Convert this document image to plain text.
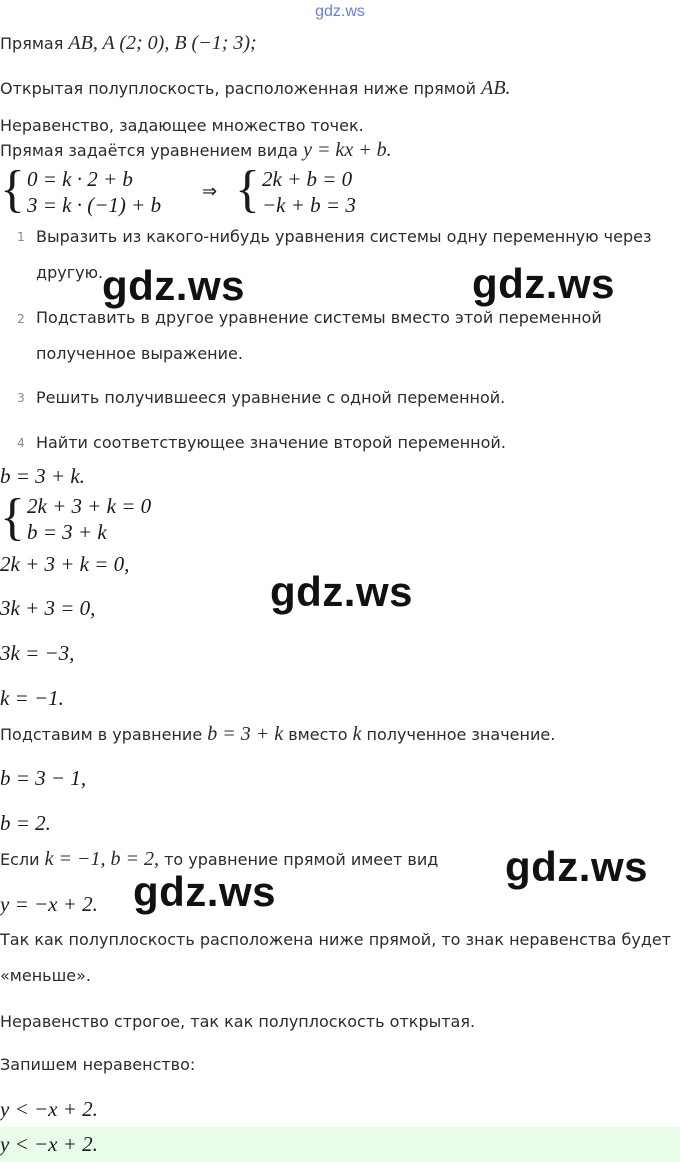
gdz.ws
Прямая AB, A (2; 0), B (−1; 3);
Открытая полуплоскость, расположенная ниже прямой AB.
Неравенство, задающее множество точек.
Прямая задаётся уравнением вида y = kx + b.
{ 0 = k · 2 + b
3 = k · (−1) + b
⇒ { 2k + b = 0
−k + b = 3
1 Выразить из какого-нибудь уравнения системы одну переменную через
другую.
2 Подставить в другое уравнение системы вместо этой переменной
полученное выражение.
3 Решить получившееся уравнение с одной переменной.
4 Найти соответствующее значение второй переменной.
b = 3 + k.
{ 2k + 3 + k = 0
b = 3 + k
2k + 3 + k = 0,
3k + 3 = 0,
3k = −3,
k = −1.
Подставим в уравнение b = 3 + k вместо k полученное значение.
b = 3 − 1,
b = 2.
Если k = −1, b = 2, то уравнение прямой имеет вид
y = −x + 2.
Так как полуплоскость расположена ниже прямой, то знак неравенства будет
«меньше».
Неравенство строгое, так как полуплоскость открытая.
Запишем неравенство:
y < −x + 2.
y < −x + 2.
gdz.ws	gdz.ws
gdz.ws
gdz.ws
gdz.ws
